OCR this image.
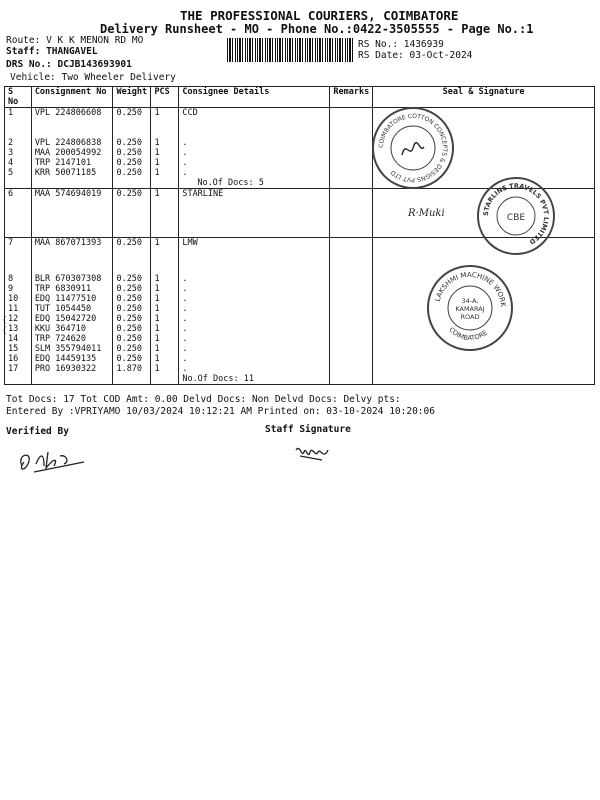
THE PROFESSIONAL COURIERS, COIMBATORE
Delivery Runsheet - MO - Phone No.:0422-3505555 - Page No.:1
Route: V K K MENON RD MO
Staff: THANGAVEL
DRS No.: DCJB143693901
Vehicle: Two Wheeler Delivery
RS No.: 1436939
RS Date: 03-Oct-2024
S No	Consignment No	Weight	PCS	Consignee Details	Remarks	Seal & Signature
1	VPL 224806608	0.250	1	CCD		

2	VPL 224806838	0.250	1	.		
3	MAA 200054992	0.250	1	.		
4	TRP 2147101	0.250	1	.		
5	KRR 50071185	0.250	1	.		
				No.Of Docs: 5		
6	MAA 574694019	0.250	1	STARLINE		

7	MAA 867071393	0.250	1	LMW		

8	BLR 670307308	0.250	1	.		
9	TRP 6830911	0.250	1	.		
10	EDQ 11477510	0.250	1	.		
11	TUT 1054450	0.250	1	.		
12	EDQ 15042720	0.250	1	.		
13	KKU 364710	0.250	1	.		
14	TRP 724620	0.250	1	.		
15	SLM 355794011	0.250	1	.		
16	EDQ 14459135	0.250	1	.		
17	PRO 16930322	1.870	1	.		
				No.Of Docs: 11		
COIMBATORE COTTON CONCEPTS & DESIGNS PVT LTD
STARLINE TRAVELS PVT LIMITED
CBE
R·Muki
LAKSHMI MACHINE WORK
COIMBATORE
34-A, KAMARAJ ROAD
Tot Docs: 17 Tot COD Amt: 0.00 Delvd Docs: Non Delvd Docs: Delvy pts:
Entered By :VPRIYAMO 10/03/2024 10:12:21 AM Printed on: 03-10-2024 10:20:06
Verified By	Staff Signature
(
(
